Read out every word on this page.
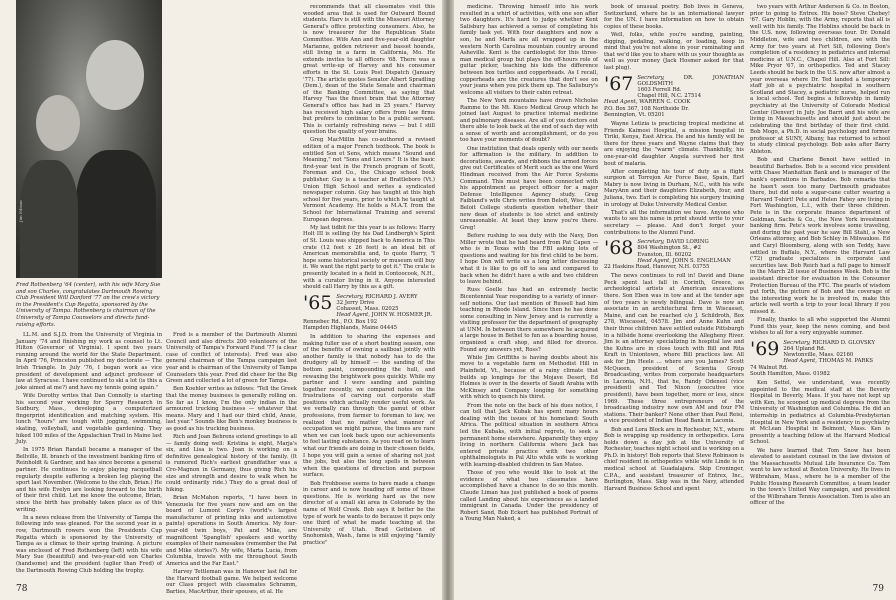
Jim Edison
Fred Rothenberg '64 (center), with his wife Mary Sue and son Charles, congratulates Dartmouth Rowing Club President Will Danford '77 on the crew's victory in the President's Cup Regatta, sponsored by the University of Tampa. Rothenberg is chairman of the University of Tampa Counselors and directs fund-raising efforts.

LL.M. and S.J.D. from the University of Virginia in January '74 and finishing my work as counsel to Lt. Hilton (Governor of Virginia). I spent two years running around the world for the State Department. In April '76, Princeton published my doctorate — The Irish Triangle. In July '76, I began work as vice president of development and adjunct professor of law at Syracuse. I have continued to ski a lot (is this a joke aimed at me?) and have my tennis going again."

Wife Dorothy writes that Dan Connolly is starting his second year working for Sperry Research in Sudbury, Mass., developing a computerized fingerprint identification and matching system. His lunch "hours" are tough with jogging, swimming, skating, volleyball, and vegetable gardening. They hiked 100 miles of the Appalachian Trail in Maine last July.

In 1975 Brian Randall became a manager of the Bellville, Ill. branch of the investment banking firm of Reinholdt & Gardner, and has since become a general partner. He continues to enjoy playing racquetball regularly despite suffering a broken leg playing the sport last November. (Welcome to the club, Brian.) He and his wife Evelyn are looking forward to the birth of their first child. Let me know the outcome, Brian, since the birth has probably taken place as of this writing.

In a news release from the University of Tampa the following info was gleaned. For the second year in a row, Dartmouth rowers won the Presidents Cup Regatta which is sponsored by the University of Tampa as a climax to their spring training. A picture was enclosed of Fred Rothenberg (left) with his wife Mary Sue (beautiful) and two-year-old son Charles (handsome) and the president (uglier than Fred) of the Dartmouth Rowing Club holding the trophy.

Fred is a member of the Dartmouth Alumni Council and also directs 200 volunteers of the University of Tampa's Forward Fund '77 (a clear case of conflict of interests). Fred was also general chairman of the Tampa campaign last year and is chairman of the University of Tampa Counselors this year. Fred did cheer for the Big Green and collected a lot of green for Tampa.

Ben Koehler writes as follows: "Tell the Greek that the money business is generally rolling on. So far as I know, I'm the only indian in the armoured trucking business — whatever that means. Mary and I had our third child, Annie, last year." Sounds like Ben's monkey business is as good as his trucking business.

Rich and Joan Behrens extend greetings to all — family doing well: Kristina is eight, Marja's six, and Lisa is two. Joan is working on a definitive genealogical history of the family. (It is rumored Rich's earliest grandfather was a Cro-Magnon in Germany, thus giving Rich his size and strength and desire to walk when he could ordinarily ride.) They do a great deal of hiking.

Brian McMahon reports, "I have been in Venezuela for five years now and am on the board of Lumont Corp's (world's largest manufacturer of printing inks and automotive paints) operations in South America. My four-year-old twin boys, Pat and Mike, are magnificent 'Spanglish' speakers and worthy examples of their namesakes (remember the Pat and Mike stories?). My wife, Marta Lucia, from Columbia, travels with me throughout South America and the Far East."

Harvey Tettleman was in Hanover last fall for the Harvard football game. We helped welcome our Class project with classmates Schramm, Barties, MacArthur, their spouses, et al. He

recommends that all classmates visit this wooded area that is used for Outward Bound students. Harv is still with the Missouri Attorney General's office protecting consumers. Also, he is now treasurer for the Republican State Committee. Wife Ann and five-year-old daughter Marianne, golden retriever and basset hounds, still living in a farm in California, Mo. He extends invites to all officers '68. There was a great write-up of Harvey and his consumer efforts in the St. Louis Post Dispatch (January '77). The article quotes Senator Albert Spradling (Dem.), dean of the State Senate and chairman of the Banking Committee, as saying that Harvey "has the finest brain that the Attorney General's office has had in 25 years." Harvey has received high salary offers from law firms but prefers to continue to be a public servant. This is certainly refreshing news — but I still question the quality of your brains.

Greg MacMillin has co-authored a revised edition of a major French textbook. The book is entitled Son et Sens, which means "Sound and Meaning," not "Sons and Lovers." It is the basic first-year text in the French program of Scott, Foreman and Co., the Chicago school book publisher. Guy is a teacher at Brattleboro (Vt.) Union High School and writes a syndicated newspaper column. Guy has taught at this high school for five years, prior to which he taught at Vermont Academy. He holds a M.A.T. from the School for International Training and several European degrees.

My last tidbit for this year is as follows: Harry Holt III is selling (by his Dad Lindbergh's Spirit of St. Louis was shipped back to America in This crate (12 feet x 26 feet) is an ideal bit of American memorabilia and, to quote Harry, "I hope some historical society or museum will buy it. We want the right party to get it." The crate is presently located in a field in Contoocook, N.H., with a curator living in it. Anyone interested should call Harry by this as a gift.

'65 Secretary, RICHARD J. AVERY
32 Jerry Drive
Cohasset, Mass. 02025
Head Agent, JOHN W. HOSMER JR.
Rennebec Rd., P.O. Box 192
Hampden Highlands, Maine 04445

In addition to sharing the expenses and making fuller use of a short boating season, one of the benefits of owning a sailboat jointly with another family is that nobody has to do the drudgery all by himself — the sanding of the bottom paint, compounding the hull, and rewaxing the brightwork goes quickly. While my partner and I were sanding and painting together recently, we compared notes on the frustrations of carving out corporate staff positions which actually render useful work. As we verbally ran through the gamut of other professions, from farmer to foreman to law, we realized that no matter what manner of occupation we might pursue, the times are rare when we can look back upon our achievements to feel lasting substance. As you read on to learn what our friends are doing in their chosen fields, I hope you will gain a sense of sharing not just the jobs, but also the long spells in between when the questions of direction and purpose surface.

Bob Frohboese seems to have made a change in career and is now heading off some of those questions. He is working hard as the new director of a small ski area in Colorado by the name of Wolf Creek. Bob says it better be the type of work he wants to do because it pays only one third of what he made teaching at the University of Utah. Brad Gettelson of Snohomish, Wash., fame is still enjoying "family practice"

78

medicine. Throwing himself into his work resulted in a whirl of activities, with one son after two daughters. It's hard to judge whether Kent Salisbury has achieved a sense of completing his family task yet. With four daughters and now a son, he and Marfa are all wrapped up in the western North Carolina mountain country around Asheville. Kent is the cardiologist for this three-man medical group but plays the off-hours role of guitar picker, teaching his kids the difference between box turtles and copperheads. As I recall, copperheads are the creatures that don't see on your jeans when you pick them up. The Salisbury's welcome all visitors to their cabin retreat.

The New York mountains have drawn Nicholas Ramme to the Mt. Kisco Medical Group which he joined last August to practice internal medicine and pulmonary diseases. Are all of you doctors out there able to look back at the end of each day with a sense of worth and accomplishment, or do you too have your moments of doubt?

One institution that deals openly with our needs for affirmation is the military. In addition to decorations, awards, and ribbons the armed forces give out Certificates of Merit such as the one Ward Hindman received from the Air Force Systems Command. This must have been connected with his appointment as project officer for a major Defense Intelligence Agency study. Greg Faibland's wife Chris writes from Beloit, Wisc. that Beloit College students question whether their new dean of students is too strict and entirely unreasonable. At least they know you're there. Greg!

Before rushing to sea duty with the Navy, Don Miller wrote that he had heard from Pat Capen — who is in Texas with the FBI asking lots of questions and waiting for his first child to be born. I hope Don will write us a long letter discussing what it is like to go off to sea and compared to back when he didn't have a wife and two children to leave behind.

Russ Goelle has had an extremely hectic Bicentennial Year responding to a variety of inner-self notions. Our last mention of Russell had him teaching in Rhode Island. Since then he has done some consulting in New Jersey and is currently a visiting professor for the department of geography at UNM. In between there somewhere he acquired a large house in Bethel to fun as a boarding house, organized a craft shop, and filled for divorce. Found any answers yet, Ross?

While Jim Griffiths is having doubts about his move to a vegetable farm on Methodist Hill in Plainfield, Vt., because of a rainy climate that builds up longings for the Mojave Desert, Ed Holmes is over in the deserts of Saudi Arabia with McKinsey and Company longing for something with which to quench his thirst.

From the note on the back of his dues notice, I can tell that Jack Kubak has spent many hours dealing with the issues of his homeland: South Africa. The political situation in southern Africa led the Kubaks, with initial regrets, to seek a permanent home elsewhere. Apparently they enjoy living in northern California where Jack has entered private practice with two other ophthalmologists in Pal Alto while wife is working with learning-disabled children in San Mateo.

Those of you who would like to look at the evidence of what two classmates have accomplished have a chance to do so this month. Claude Liman has just published a book of poems called Landing about his experiences as a landed immigrant in Canada. Under the presidency of Robert Sand, Bob Eckert has published Portrait of a Young Man Naked, a

book of unusual poetry. Bob lives in Geneva, Switzerland, where he is an international lawyer for the UN. I have information on how to obtain copies of these books.

Well, folks, while you're sanding, painting, digging, pedaling, walking, or loading, keep in mind that you're not alone in your ruminating and that we'd like you to share with us your thoughts as well as your money (Jack Hosmer asked for that last plug).

'67 Secretary,	DR. JONATHAN GOLDSMITH
1603 Ferrell Rd.
Chapel Hill, N.C. 27514
Head Agent, WARREN C. COOK
P.O. Box 367, 108 Northside Dr.
Bennington, Vt. 05201

Wayne Letizia is practicing tropical medicine at Friends Kaimosi Hospital, a mission hospital in Tiriki, Kenya, East Africa. He and his family will be there for three years and Wayne claims that they are enjoying the "warm" climate. Thankfully, his one-year-old daughter Angela survived her first bout of malaria.

After completing his tour of duty as a flight surgeon at Torrejon Air Force Base, Spain, Earl Mabry is now living in Durham, N.C., with his wife MaryAnn and their daughters Elizabeth, four, and Juliana, two. Earl is completing his surgery training in urology at Duke University Medical Center.

That's all the information we have. Anyone who wants to see his name in print should write to your secretary — please. And don't forget your contributions to the Alumni Fund.

'68 Secretary, DAVID LORING
804 Washington St., #2
Evanston, Ill. 60202
Head Agent, JOHN S. ENGELMAN
22 Haskins Road, Hanover, N.H. 03755

The news continues to roll in! David and Diane Peck spent last fall in Corinth, Greece, as archeological artists at American excavations there. Son Eben was in tow and at the tender age of two years is newly bilingual. Dave is now an associate in an architectural firm in Wiscasset, Maine, and can be reached c/o J. Schildroth, Box 278, Wiscasset, 04578. Jim and Anne Kuhn and their three children have settled outside Pittsburgh in a hillside home overlooking the Allegheny River. Jim is an attorney specializing in hospital law and the Kuhns are in close touch with Bill and Rita Kraft in Uniontown, where Bill practices law. All ask for Jim Heele … where are you James? Scott McQueen, president of Scientia Group Broadcasting, writes from corporate headquarters in Laconia, N.H., that he, Randy Odenesl (vice president) and Ted Nixon (executive vice president), have been together, more or less, since 1969. These three entrepreneurs of the broadcasting industry now own AM and four FM stations. Their banker? None other than Paul Reisi, a vice president of Indian Head Bank in Laconia.

Bob and Lora Block are in Rochester, N.Y., where Bob is wrapping up residency in orthopedics. Lora holds down a day job at the University of Rochester, teaches night school and is working on a Ph.D. in history! Bob reports that Steve Robinson is chief resident in orthopedics while wife Linde is in medical school at Guadalajara. Skip Croninger, C.P.A., and assistant treasurer of Entrex, Inc., Burlington, Mass. Skip was in the Navy, attended Harvard Business School and spent

two years with Arthur Anderson & Co. in Boston, prior to going to Entrex. His boss? Steve Chebey! '67. Gary Hoblin, with the Army, reports that all is well with his family. The Hoblins should be back in the U.S. now, following overseas tour. Dr. Donald Middleton, wife and two children, are with the Army for two years at Fort Sill, following Don's completion of a residency in pediatrics and internal medicine at U.N.C., Chapel Hill. Also at Fort Sill: Mike Pryor '67, in orthopedics. Ted and Stacey Leeds should be back in the U.S. now after almost a year overseas where Dr. Ted landed a temporary staff job at a psychiatric hospital in southern Scotland and Stacey, a pediatric nurse, helped run a local school. Ted begins a fellowship in family psychiatry at the University of Colorado Medical Center (Denver) in July. Joe Barri and his wife are living in Massachusetts and should just about be celebrating the first birthday of their first child. Bob Mogo, a Ph.D. in social psychology and former professor at SUNY, Albany, has returned to school to study clinical psychology. Bob asks after Barry Ableton.

Bob and Charlene Benoit have settled in beautiful Barbados. Bob is a second vice president with Chase Manhattan Bank and is manager of the bank's operations in Barbados. Bob remarks that he hasn't seen too many Dartmouth graduates there, but did note a sugar-cane cutter wearing a Harvard T-shirt! Pete and Helen Fahey are living in Fort Washington, L.I., with their three children. Pete is in the corporate finance department of Goldman, Sachs & Co., the New York investment banking firm. Pete's work involves some traveling, and during the past year he saw Bill Stahl, a New Orleans attorney, and Bob Schley in Milwaukee. Ed and Caryl Bloomberg, along with son Teddy, have settled in Buffalo, N.Y., where the Harvard Law ('72) graduate specializes in corporate and securities law. Bob Reich had a full page to himself in the March 28 issue of Business Week. Bob is the assistant director for evaluation in the Consumer Protection Bureau of the FTC. The pearls of wisdom put forth, the picture of Bob and the coverage of the interesting work he is involved in, make this article well worth a trip to your local library if you missed it.

Finally, thanks to all who supported the Alumni Fund this year, keep the news coming, and best wishes to all for a very enjoyable summer.

'69 Secretary, RICHARD D. GLOVSKY
264 Upland Rd.
Newtonville, Mass. 02160
Head Agent, THOMAS M. PARKS
74 Walnut Rd.
South Hamilton, Mass. 01982

Ken Settel, we understand, was recently appointed to the medical staff at the Beverly Hospital in Beverly, Mass. If you have not kept up with Ken, he scooped up medical degrees from the University of Washington and Columbia. He did an internship in pediatrics at Columbia-Presbyterian Hospital in New York and a residency in psychiatry at McLean Hospital in Belmont, Mass. Ken is presently a teaching fellow at the Harvard Medical School.

We have learned that Tom Snow has been elevated to assistant counsel in the law division of the Massachusetts Mutual Life Insurance Co. Tom went to law school at Boston University. He lives in Wilbraham, Mass., where he is a member of the Public Housing Research Committee, a team leader in the town's United Way campaign, and president of the Wilbraham Tennis Association. Tom is also an officer of the

79
